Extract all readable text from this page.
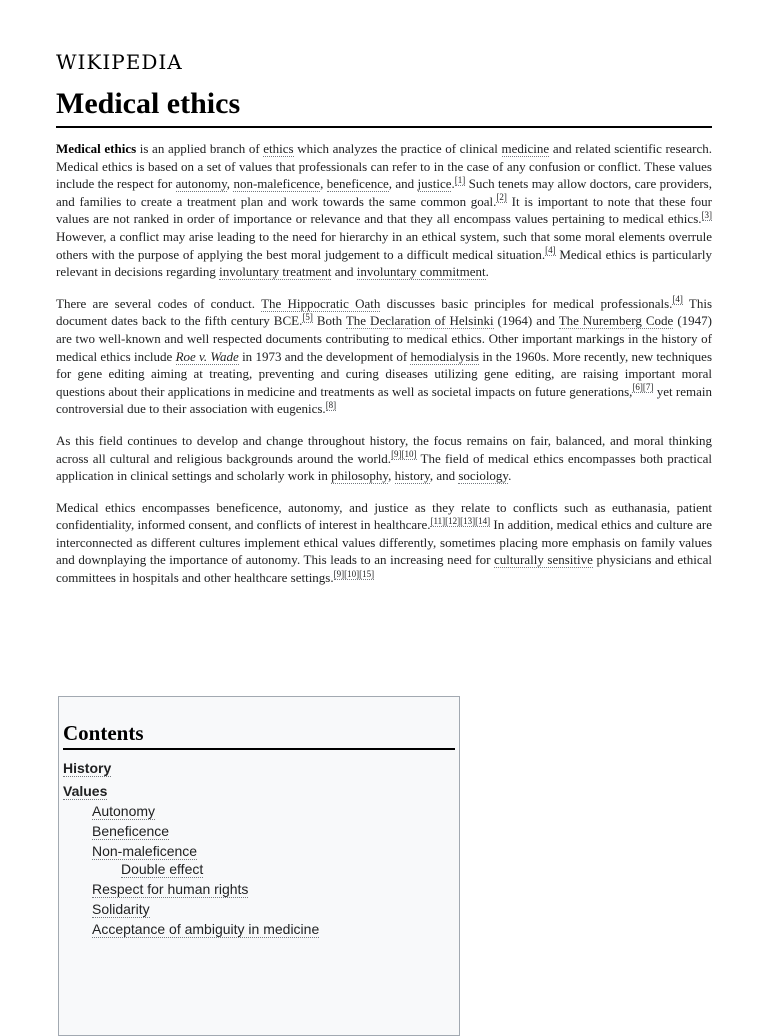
WIKIPEDIA
Medical ethics

Medical ethics is an applied branch of ethics which analyzes the practice of clinical medicine and related scientific research. Medical ethics is based on a set of values that professionals can refer to in the case of any confusion or conflict. These values include the respect for autonomy, non-maleficence, beneficence, and justice.[1] Such tenets may allow doctors, care providers, and families to create a treatment plan and work towards the same common goal.[2] It is important to note that these four values are not ranked in order of importance or relevance and that they all encompass values pertaining to medical ethics.[3] However, a conflict may arise leading to the need for hierarchy in an ethical system, such that some moral elements overrule others with the purpose of applying the best moral judgement to a difficult medical situation.[4] Medical ethics is particularly relevant in decisions regarding involuntary treatment and involuntary commitment.

There are several codes of conduct. The Hippocratic Oath discusses basic principles for medical professionals.[4] This document dates back to the fifth century BCE.[5] Both The Declaration of Helsinki (1964) and The Nuremberg Code (1947) are two well-known and well respected documents contributing to medical ethics. Other important markings in the history of medical ethics include Roe v. Wade in 1973 and the development of hemodialysis in the 1960s. More recently, new techniques for gene editing aiming at treating, preventing and curing diseases utilizing gene editing, are raising important moral questions about their applications in medicine and treatments as well as societal impacts on future generations,[6][7] yet remain controversial due to their association with eugenics.[8]

As this field continues to develop and change throughout history, the focus remains on fair, balanced, and moral thinking across all cultural and religious backgrounds around the world.[9][10] The field of medical ethics encompasses both practical application in clinical settings and scholarly work in philosophy, history, and sociology.

Medical ethics encompasses beneficence, autonomy, and justice as they relate to conflicts such as euthanasia, patient confidentiality, informed consent, and conflicts of interest in healthcare.[11][12][13][14] In addition, medical ethics and culture are interconnected as different cultures implement ethical values differently, sometimes placing more emphasis on family values and downplaying the importance of autonomy. This leads to an increasing need for culturally sensitive physicians and ethical committees in hospitals and other healthcare settings.[9][10][15]

Contents
History
Values
Autonomy
Beneficence
Non-maleficence
Double effect
Respect for human rights
Solidarity
Acceptance of ambiguity in medicine
